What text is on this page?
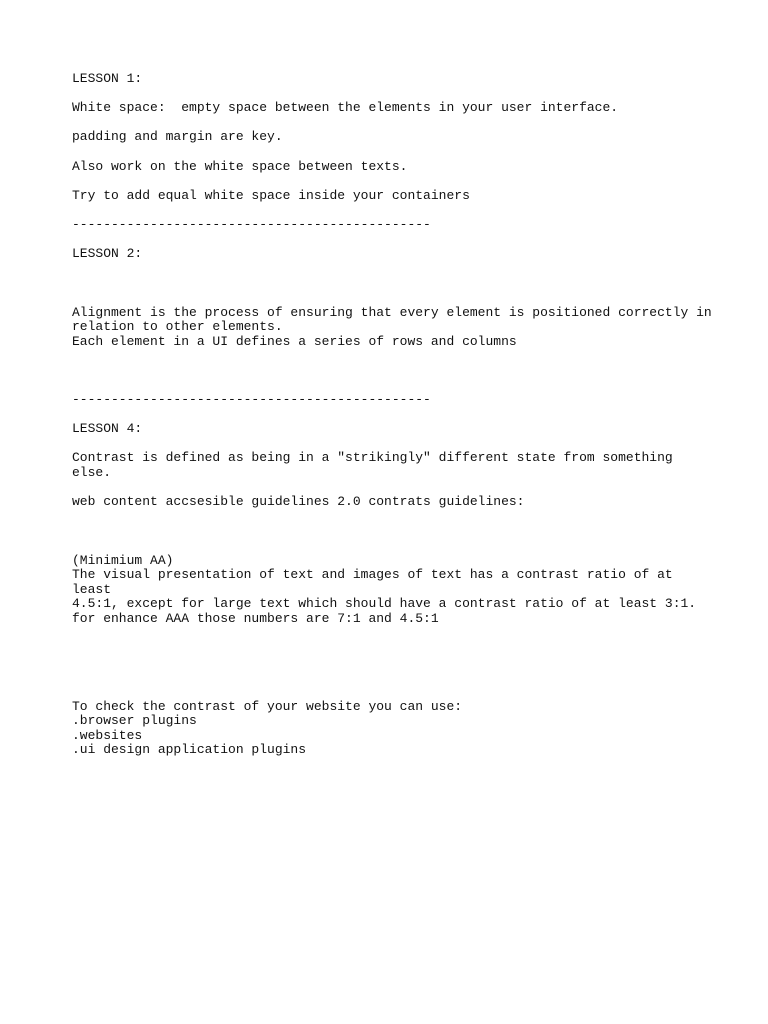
LESSON 1:

White space:  empty space between the elements in your user interface.

padding and margin are key.

Also work on the white space between texts.

Try to add equal white space inside your containers

----------------------------------------------

LESSON 2:

Alignment is the process of ensuring that every element is positioned correctly in
relation to other elements.
Each element in a UI defines a series of rows and columns

----------------------------------------------

LESSON 4:

Contrast is defined as being in a "strikingly" different state from something else.

web content accsesible guidelines 2.0 contrats guidelines:

(Minimium AA)
The visual presentation of text and images of text has a contrast ratio of at least
4.5:1, except for large text which should have a contrast ratio of at least 3:1.
for enhance AAA those numbers are 7:1 and 4.5:1

To check the contrast of your website you can use:
.browser plugins
.websites
.ui design application plugins
